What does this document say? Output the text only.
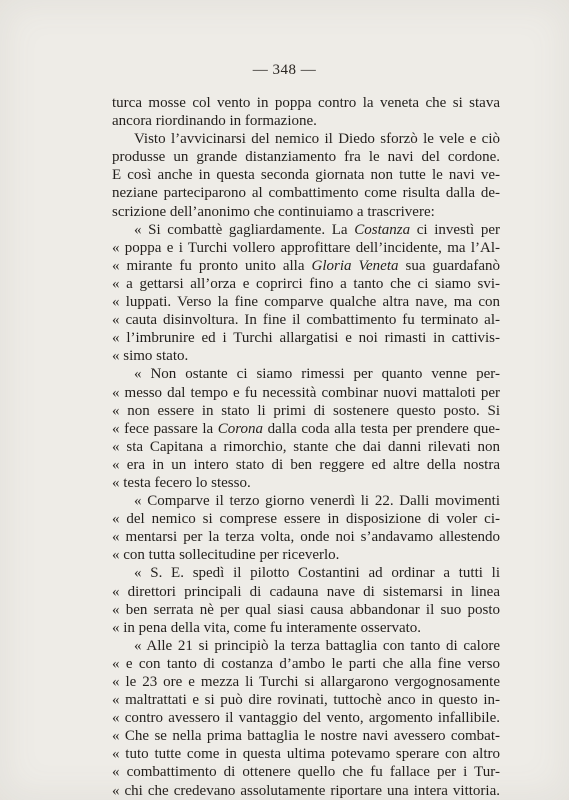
— 348 —
turca mosse col vento in poppa contro la veneta che si stava
ancora riordinando in formazione.
Visto l’avvicinarsi del nemico il Diedo sforzò le vele e ciò
produsse un grande distanziamento fra le navi del cordone.
E così anche in questa seconda giornata non tutte le navi ve-
neziane parteciparono al combattimento come risulta dalla de-
scrizione dell’anonimo che continuiamo a trascrivere:
« Si combattè gagliardamente. La Costanza ci investì per
« poppa e i Turchi vollero approfittare dell’incidente, ma l’Al-
« mirante fu pronto unito alla Gloria Veneta sua guardafanò
« a gettarsi all’orza e coprirci fino a tanto che ci siamo svi-
« luppati. Verso la fine comparve qualche altra nave, ma con
« cauta disinvoltura. In fine il combattimento fu terminato al-
« l’imbrunire ed i Turchi allargatisi e noi rimasti in cattivis-
« simo stato.
« Non ostante ci siamo rimessi per quanto venne per-
« messo dal tempo e fu necessità combinar nuovi mattaloti per
« non essere in stato li primi di sostenere questo posto. Si
« fece passare la Corona dalla coda alla testa per prendere que-
« sta Capitana a rimorchio, stante che dai danni rilevati non
« era in un intero stato di ben reggere ed altre della nostra
« testa fecero lo stesso.
« Comparve il terzo giorno venerdì li 22. Dalli movimenti
« del nemico si comprese essere in disposizione di voler ci-
« mentarsi per la terza volta, onde noi s’andavamo allestendo
« con tutta sollecitudine per riceverlo.
« S. E. spedì il pilotto Costantini ad ordinar a tutti li
« direttori principali di cadauna nave di sistemarsi in linea
« ben serrata nè per qual siasi causa abbandonar il suo posto
« in pena della vita, come fu interamente osservato.
« Alle 21 si principiò la terza battaglia con tanto di calore
« e con tanto di costanza d’ambo le parti che alla fine verso
« le 23 ore e mezza li Turchi si allargarono vergognosamente
« maltrattati e si può dire rovinati, tuttochè anco in questo in-
« contro avessero il vantaggio del vento, argomento infallibile.
« Che se nella prima battaglia le nostre navi avessero combat-
« tuto tutte come in questa ultima potevamo sperare con altro
« combattimento di ottenere quello che fu fallace per i Tur-
« chi che credevano assolutamente riportare una intera vittoria.
